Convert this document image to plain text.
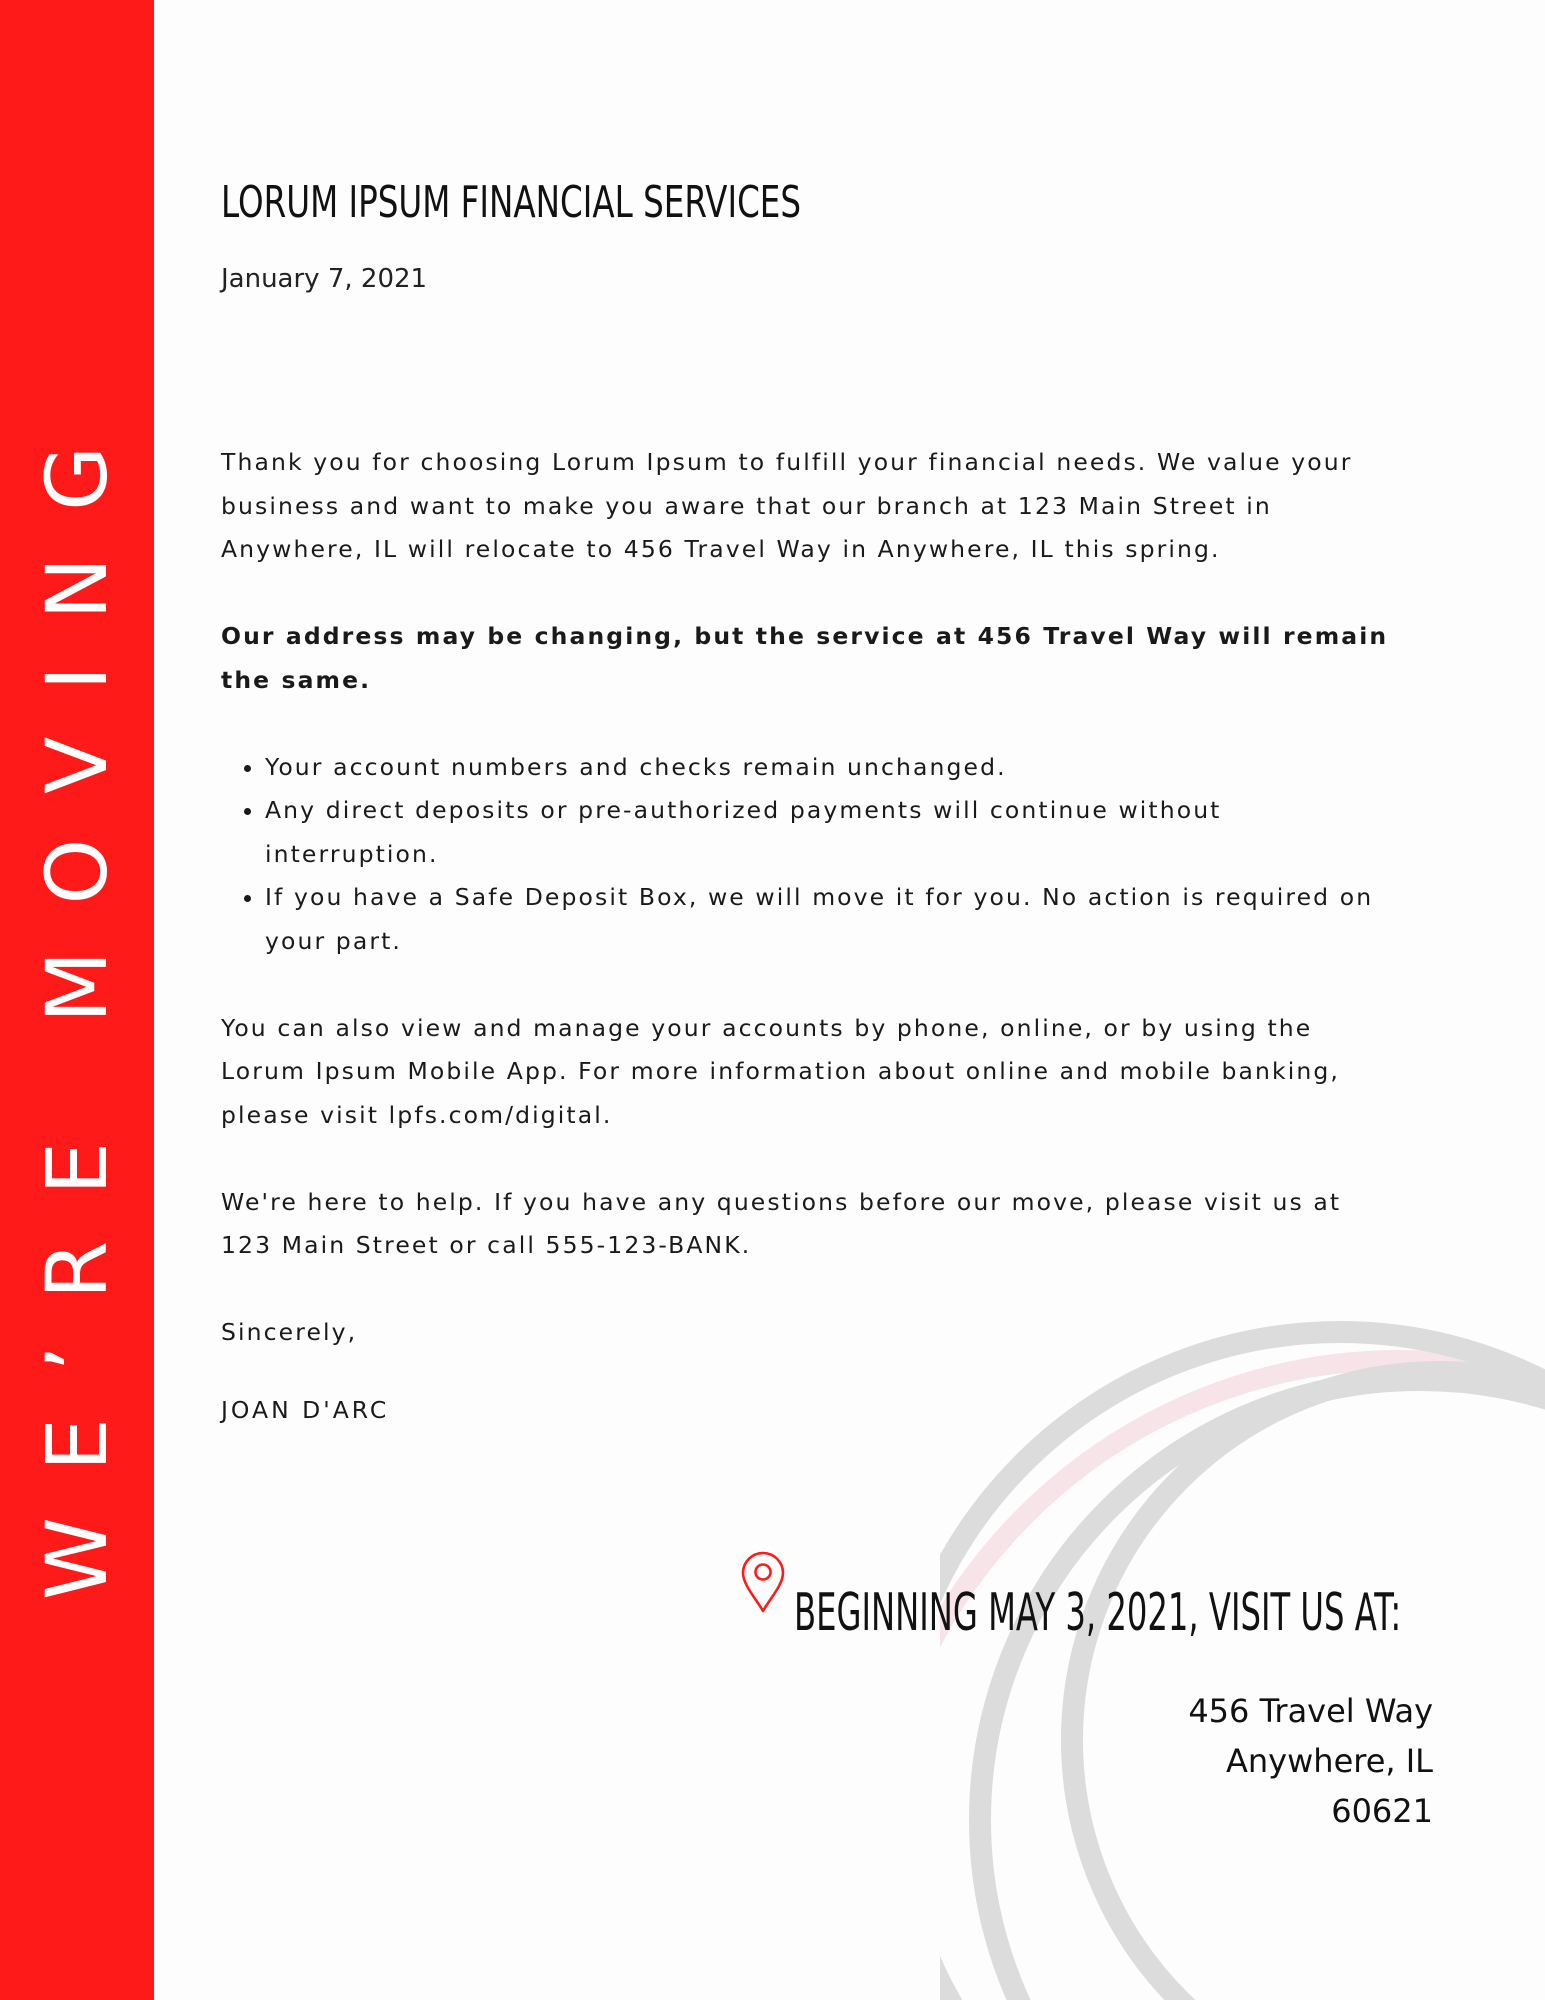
WE’RE MOVING
LORUM IPSUM FINANCIAL SERVICES
January 7, 2021

Thank you for choosing Lorum Ipsum to fulfill your financial needs. We value your business and want to make you aware that our branch at 123 Main Street in Anywhere, IL will relocate to 456 Travel Way in Anywhere, IL this spring.

Our address may be changing, but the service at 456 Travel Way will remain the same.

• Your account numbers and checks remain unchanged.
• Any direct deposits or pre-authorized payments will continue without interruption.
• If you have a Safe Deposit Box, we will move it for you. No action is required on your part.

You can also view and manage your accounts by phone, online, or by using the Lorum Ipsum Mobile App. For more information about online and mobile banking, please visit lpfs.com/digital.

We're here to help. If you have any questions before our move, please visit us at 123 Main Street or call 555-123-BANK.

Sincerely,

JOAN D'ARC

BEGINNING MAY 3, 2021, VISIT US AT:
456 Travel Way
Anywhere, IL
60621
